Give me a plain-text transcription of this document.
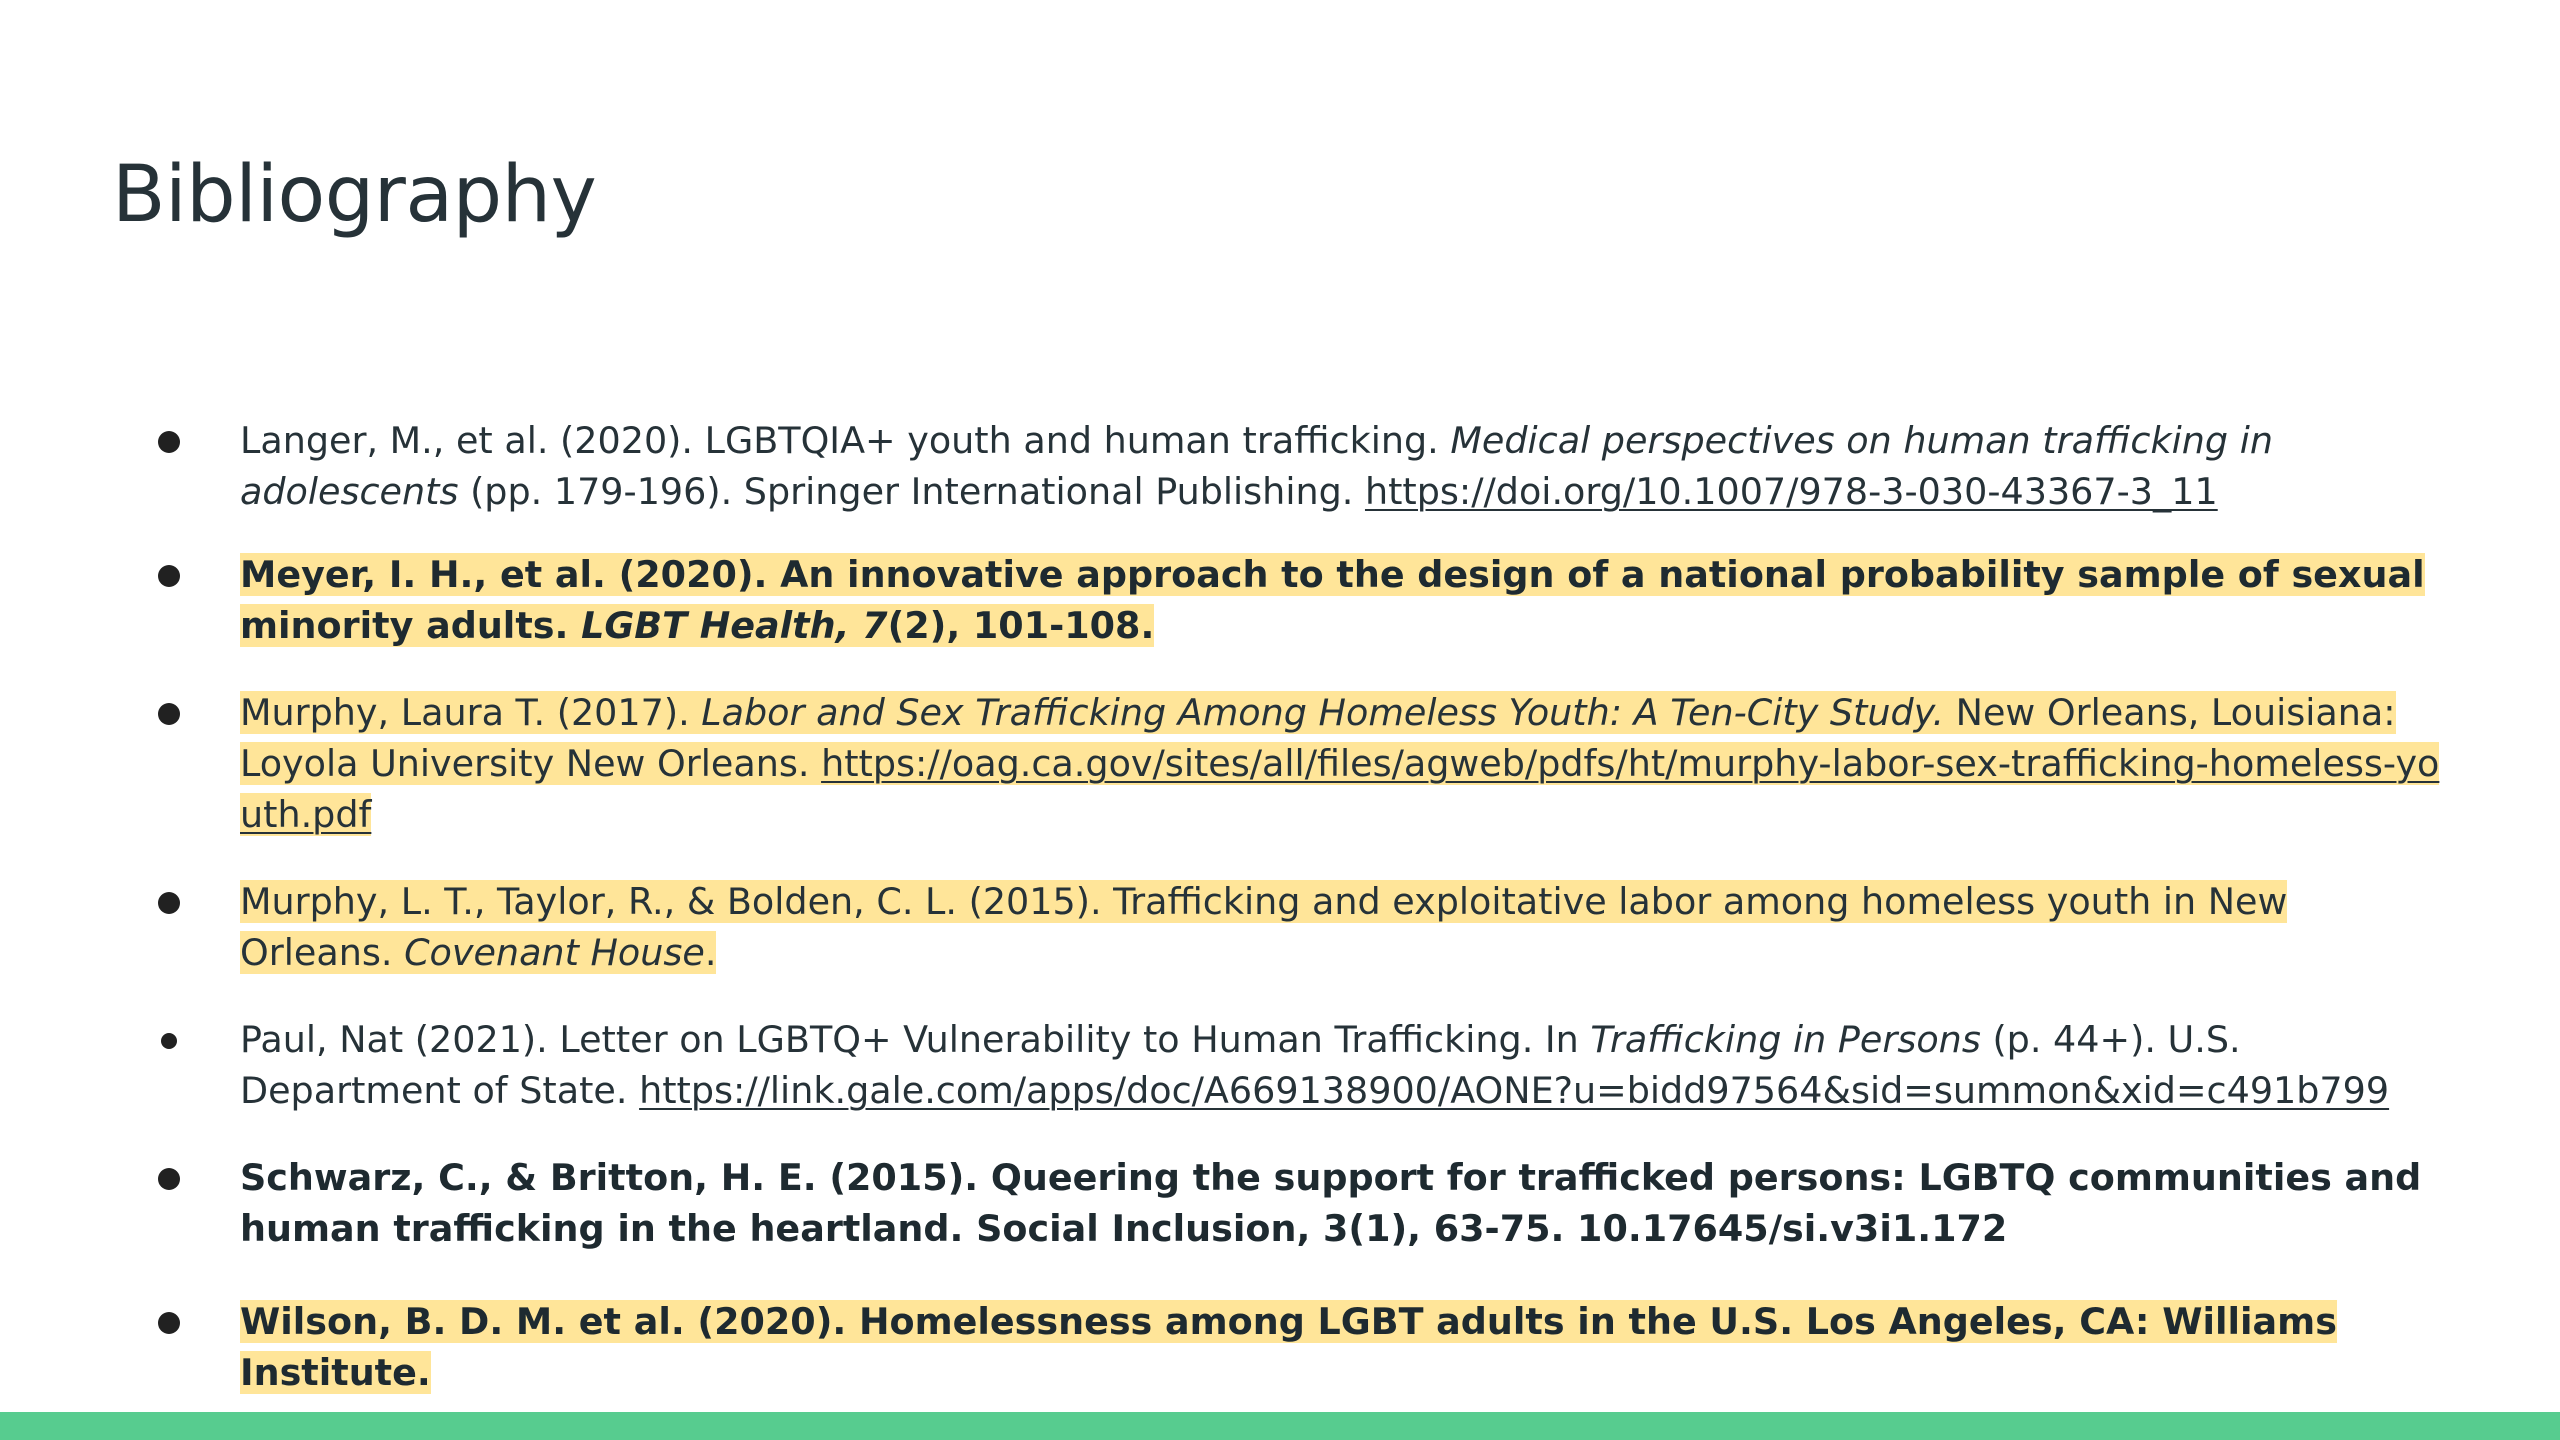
Bibliography
Langer, M., et al. (2020). LGBTQIA+ youth and human trafficking. Medical perspectives on human trafficking in adolescents (pp. 179-196). Springer International Publishing. https://doi.org/10.1007/978-3-030-43367-3_11
Meyer, I. H., et al. (2020). An innovative approach to the design of a national probability sample of sexual minority adults. LGBT Health, 7(2), 101-108.
Murphy, Laura T. (2017). Labor and Sex Trafficking Among Homeless Youth: A Ten-City Study. New Orleans, Louisiana: Loyola University New Orleans. https://oag.ca.gov/sites/all/files/agweb/pdfs/ht/murphy-labor-sex-trafficking-homeless-youth.pdf
Murphy, L. T., Taylor, R., & Bolden, C. L. (2015). Trafficking and exploitative labor among homeless youth in New Orleans. Covenant House.
Paul, Nat (2021). Letter on LGBTQ+ Vulnerability to Human Trafficking. In Trafficking in Persons (p. 44+). U.S. Department of State. https://link.gale.com/apps/doc/A669138900/AONE?u=bidd97564&sid=summon&xid=c491b799
Schwarz, C., & Britton, H. E. (2015). Queering the support for trafficked persons: LGBTQ communities and human trafficking in the heartland. Social Inclusion, 3(1), 63-75. 10.17645/si.v3i1.172
Wilson, B. D. M. et al. (2020). Homelessness among LGBT adults in the U.S. Los Angeles, CA: Williams Institute.
